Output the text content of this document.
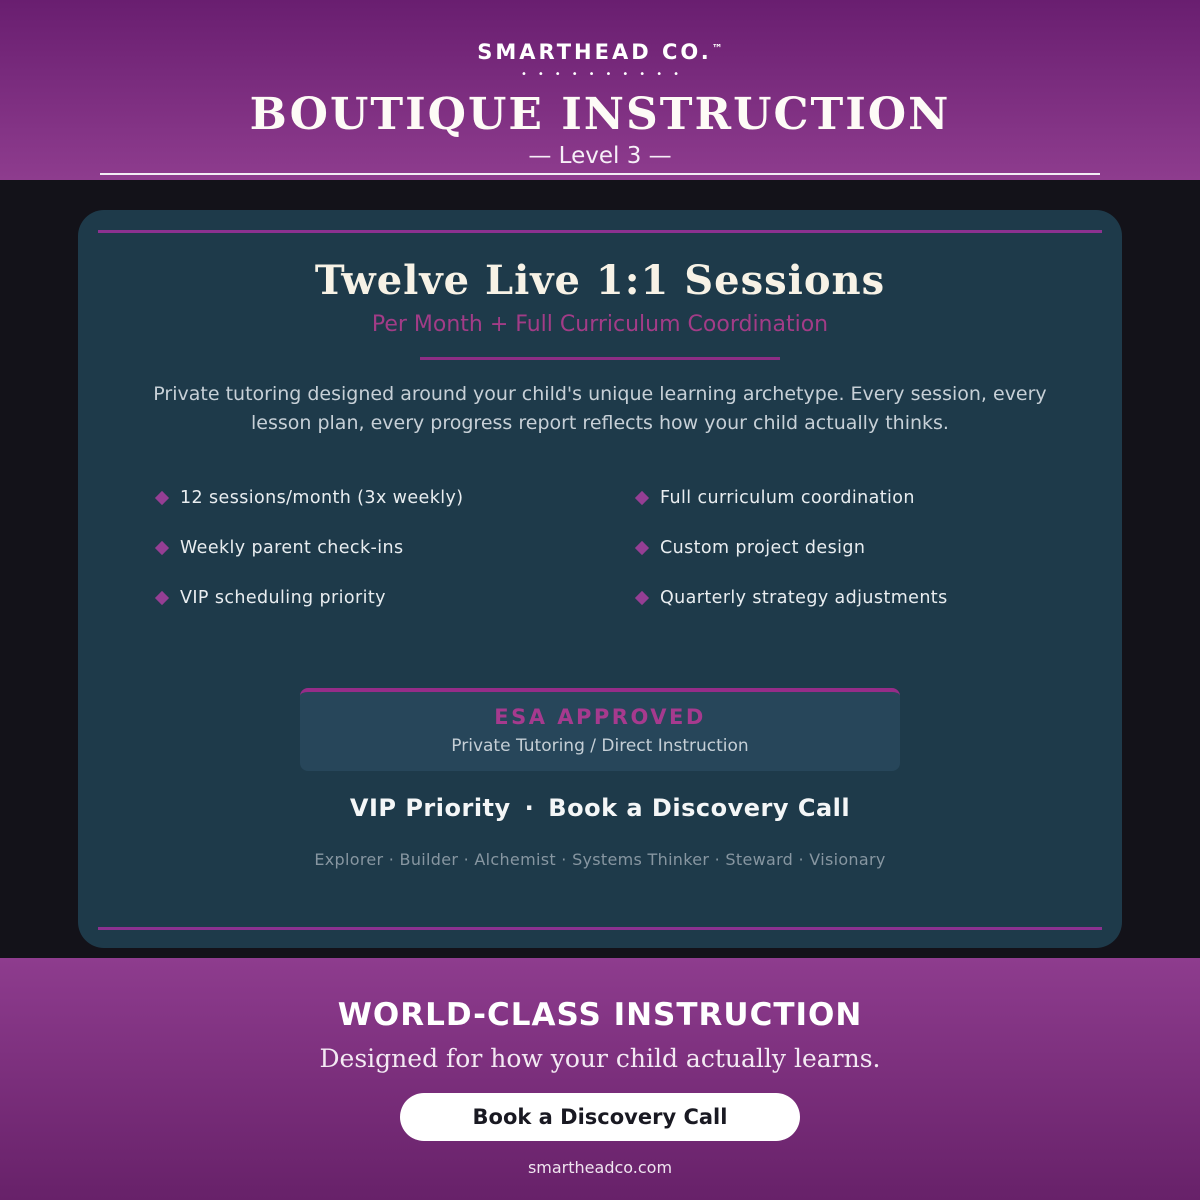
SMARTHEAD CO.™
••••••••••
BOUTIQUE INSTRUCTION
— Level 3 —
Twelve Live 1:1 Sessions
Per Month + Full Curriculum Coordination
Private tutoring designed around your child's unique learning archetype. Every session, every lesson plan, every progress report reflects how your child actually thinks.
12 sessions/month (3x weekly)	Full curriculum coordination
Weekly parent check-ins	Custom project design
VIP scheduling priority	Quarterly strategy adjustments
ESA APPROVED
Private Tutoring / Direct Instruction
VIP Priority · Book a Discovery Call
Explorer · Builder · Alchemist · Systems Thinker · Steward · Visionary
WORLD-CLASS INSTRUCTION
Designed for how your child actually learns.
Book a Discovery Call
smartheadco.com
